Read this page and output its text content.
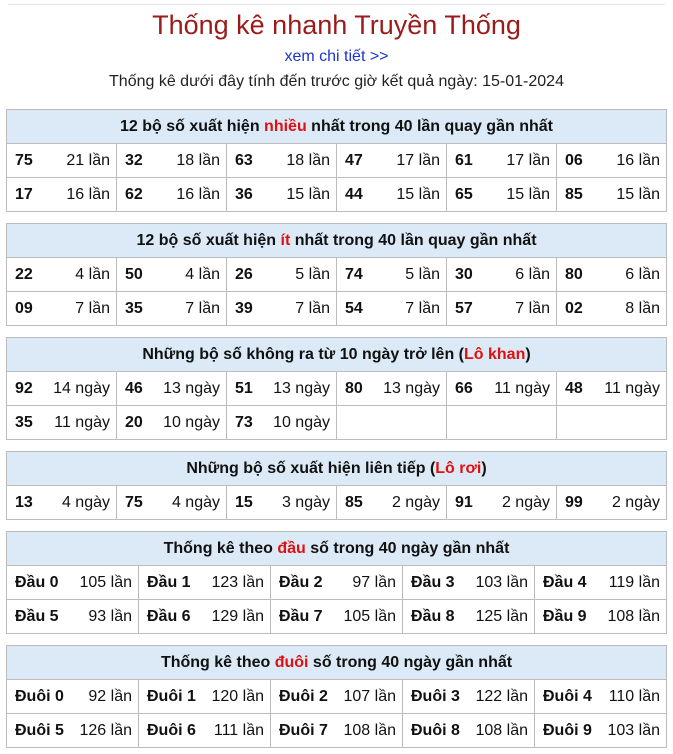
Thống kê nhanh Truyền Thống
xem chi tiết >>
Thống kê dưới đây tính đến trước giờ kết quả ngày: 15-01-2024
12 bộ số xuất hiện nhiều nhất trong 40 lần quay gần nhất
75 21 lần 32 18 lần 63 18 lần 47 17 lần 61 17 lần 06 16 lần
17 16 lần 62 16 lần 36 15 lần 44 15 lần 65 15 lần 85 15 lần
12 bộ số xuất hiện ít nhất trong 40 lần quay gần nhất
22	4 lần 50	4 lần 26	5 lần 74	5 lần 30	6 lần 80	6 lần
09	7 lần 35	7 lần 39	7 lần 54	7 lần 57	7 lần 02	8 lần
Những bộ số không ra từ 10 ngày trở lên (Lô khan)
92 14 ngày 46 13 ngày 51 13 ngày 80 13 ngày 66 11 ngày 48 11 ngày
35 11 ngày 20 10 ngày 73 10 ngày
Những bộ số xuất hiện liên tiếp (Lô rơi)
13 4 ngày 75 4 ngày 15 3 ngày 85 2 ngày 91 2 ngày 99 2 ngày
Thống kê theo đầu số trong 40 ngày gần nhất
Đầu 0 105 lần Đầu 1 123 lần Đầu 2 97 lần Đầu 3 103 lần Đầu 4 119 lần
Đầu 5 93 lần Đầu 6 129 lần Đầu 7 105 lần Đầu 8 125 lần Đầu 9 108 lần
Thống kê theo đuôi số trong 40 ngày gần nhất
Đuôi 0 92 lần Đuôi 1 120 lần Đuôi 2 107 lần Đuôi 3 122 lần Đuôi 4 110 lần
Đuôi 5 126 lần Đuôi 6 111 lần Đuôi 7 108 lần Đuôi 8 108 lần Đuôi 9 103 lần
